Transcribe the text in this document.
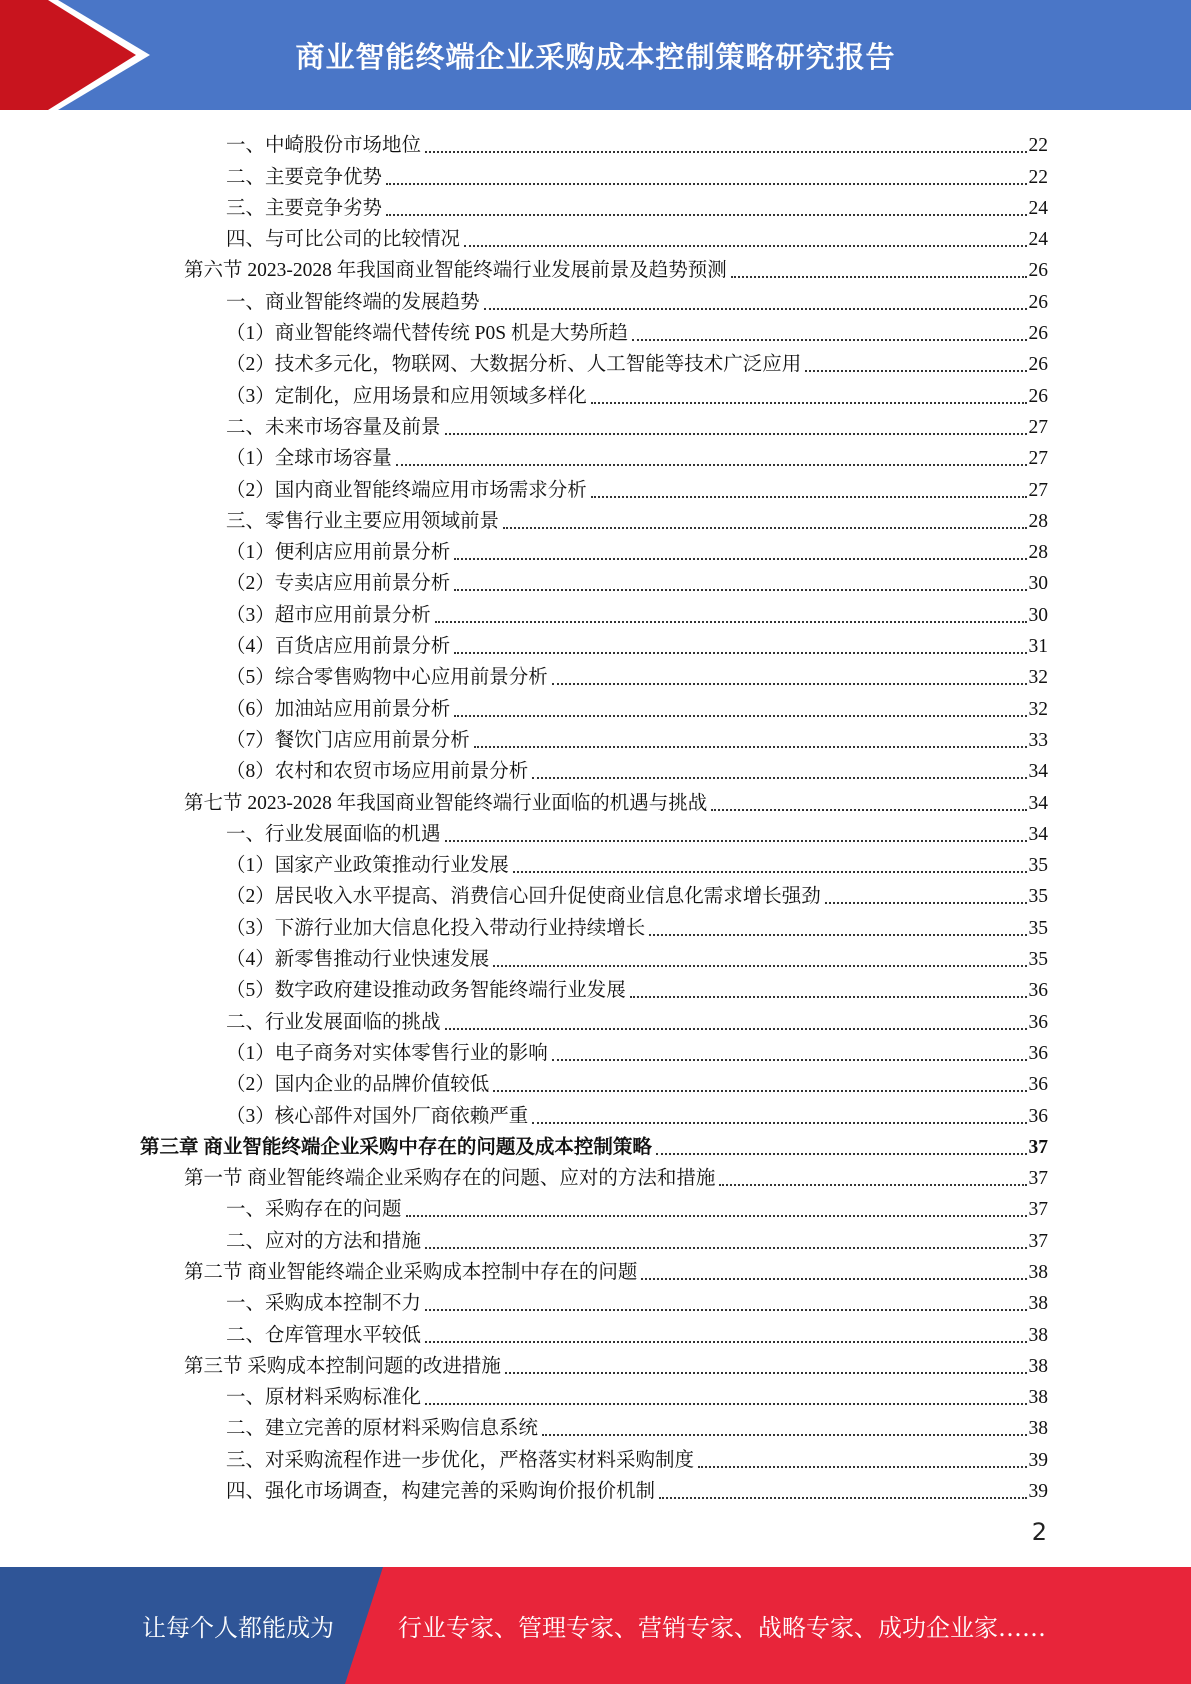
商业智能终端企业采购成本控制策略研究报告
一、中崎股份市场地位	22
二、主要竞争优势	22
三、主要竞争劣势	24
四、与可比公司的比较情况	24
第六节 2023-2028 年我国商业智能终端行业发展前景及趋势预测	26
一、商业智能终端的发展趋势	26
（1）商业智能终端代替传统 P0S 机是大势所趋	26
（2）技术多元化，物联网、大数据分析、人工智能等技术广泛应用	26
（3）定制化，应用场景和应用领域多样化	26
二、未来市场容量及前景	27
（1）全球市场容量	27
（2）国内商业智能终端应用市场需求分析	27
三、零售行业主要应用领域前景	28
（1）便利店应用前景分析	28
（2）专卖店应用前景分析	30
（3）超市应用前景分析	30
（4）百货店应用前景分析	31
（5）综合零售购物中心应用前景分析	32
（6）加油站应用前景分析	32
（7）餐饮门店应用前景分析	33
（8）农村和农贸市场应用前景分析	34
第七节 2023-2028 年我国商业智能终端行业面临的机遇与挑战	34
一、行业发展面临的机遇	34
（1）国家产业政策推动行业发展	35
（2）居民收入水平提高、消费信心回升促使商业信息化需求增长强劲	35
（3）下游行业加大信息化投入带动行业持续增长	35
（4）新零售推动行业快速发展	35
（5）数字政府建设推动政务智能终端行业发展	36
二、行业发展面临的挑战	36
（1）电子商务对实体零售行业的影响	36
（2）国内企业的品牌价值较低	36
（3）核心部件对国外厂商依赖严重	36
第三章 商业智能终端企业采购中存在的问题及成本控制策略	37
第一节 商业智能终端企业采购存在的问题、应对的方法和措施	37
一、采购存在的问题	37
二、应对的方法和措施	37
第二节 商业智能终端企业采购成本控制中存在的问题	38
一、采购成本控制不力	38
二、仓库管理水平较低	38
第三节 采购成本控制问题的改进措施	38
一、原材料采购标准化	38
二、建立完善的原材料采购信息系统	38
三、对采购流程作进一步优化，严格落实材料采购制度	39
四、强化市场调查，构建完善的采购询价报价机制	39
2
让每个人都能成为	行业专家、管理专家、营销专家、战略专家、成功企业家……
